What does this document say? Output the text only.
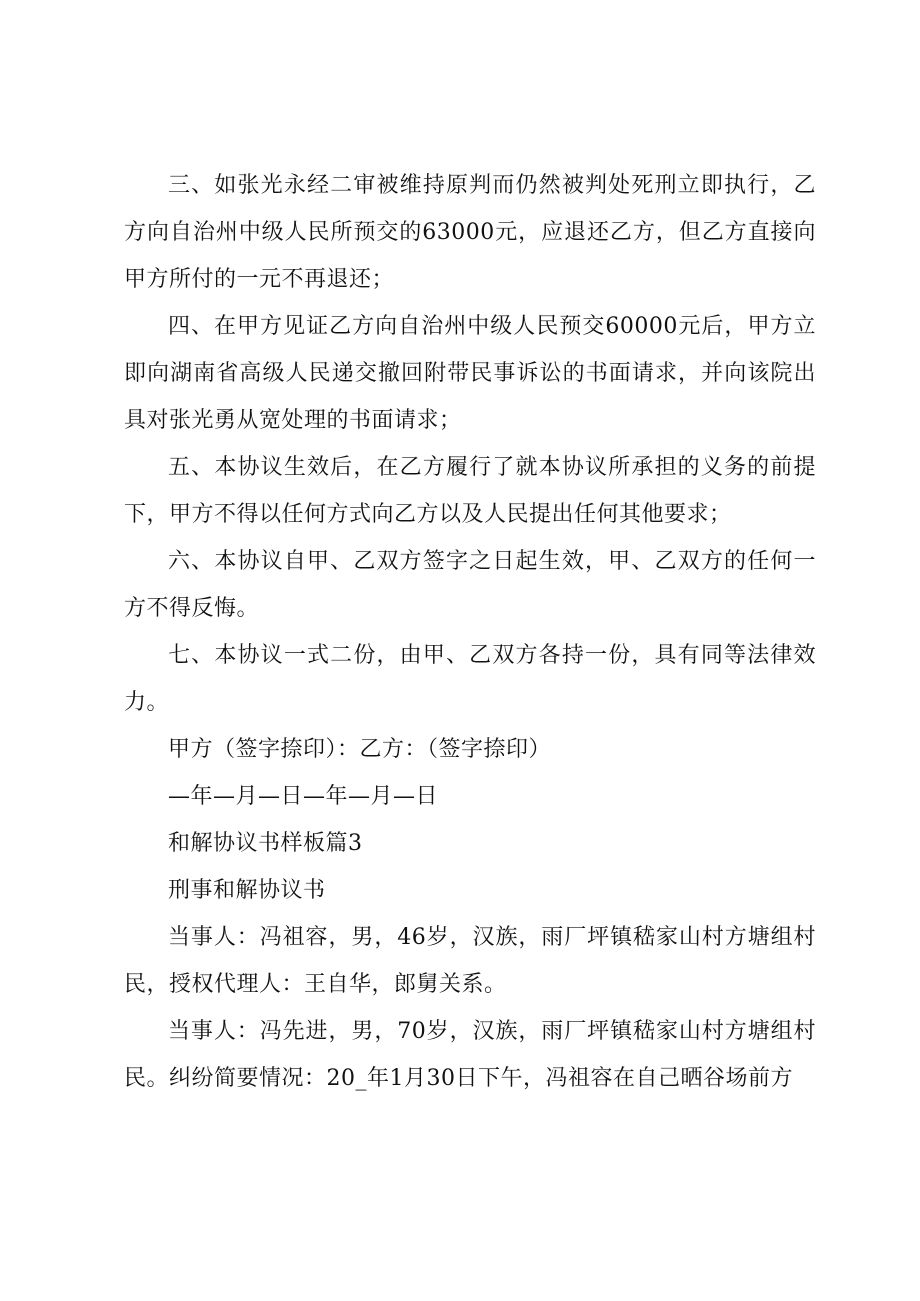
三、如张光永经二审被维持原判而仍然被判处死刑立即执行，乙方向自治州中级人民所预交的63000元，应退还乙方，但乙方直接向甲方所付的一元不再退还；

四、在甲方见证乙方向自治州中级人民预交60000元后，甲方立即向湖南省高级人民递交撤回附带民事诉讼的书面请求，并向该院出具对张光勇从宽处理的书面请求；

五、本协议生效后，在乙方履行了就本协议所承担的义务的前提下，甲方不得以任何方式向乙方以及人民提出任何其他要求；

六、本协议自甲、乙双方签字之日起生效，甲、乙双方的任何一方不得反悔。

七、本协议一式二份，由甲、乙双方各持一份，具有同等法律效力。

甲方（签字捺印）：乙方：（签字捺印）

—年—月—日—年—月—日

和解协议书样板篇3

刑事和解协议书

当事人：冯祖容，男，46岁，汉族，雨厂坪镇嵇家山村方塘组村民，授权代理人：王自华，郎舅关系。

当事人：冯先进，男，70岁，汉族，雨厂坪镇嵇家山村方塘组村民。纠纷简要情况：20_年1月30日下午，冯祖容在自己晒谷场前方
